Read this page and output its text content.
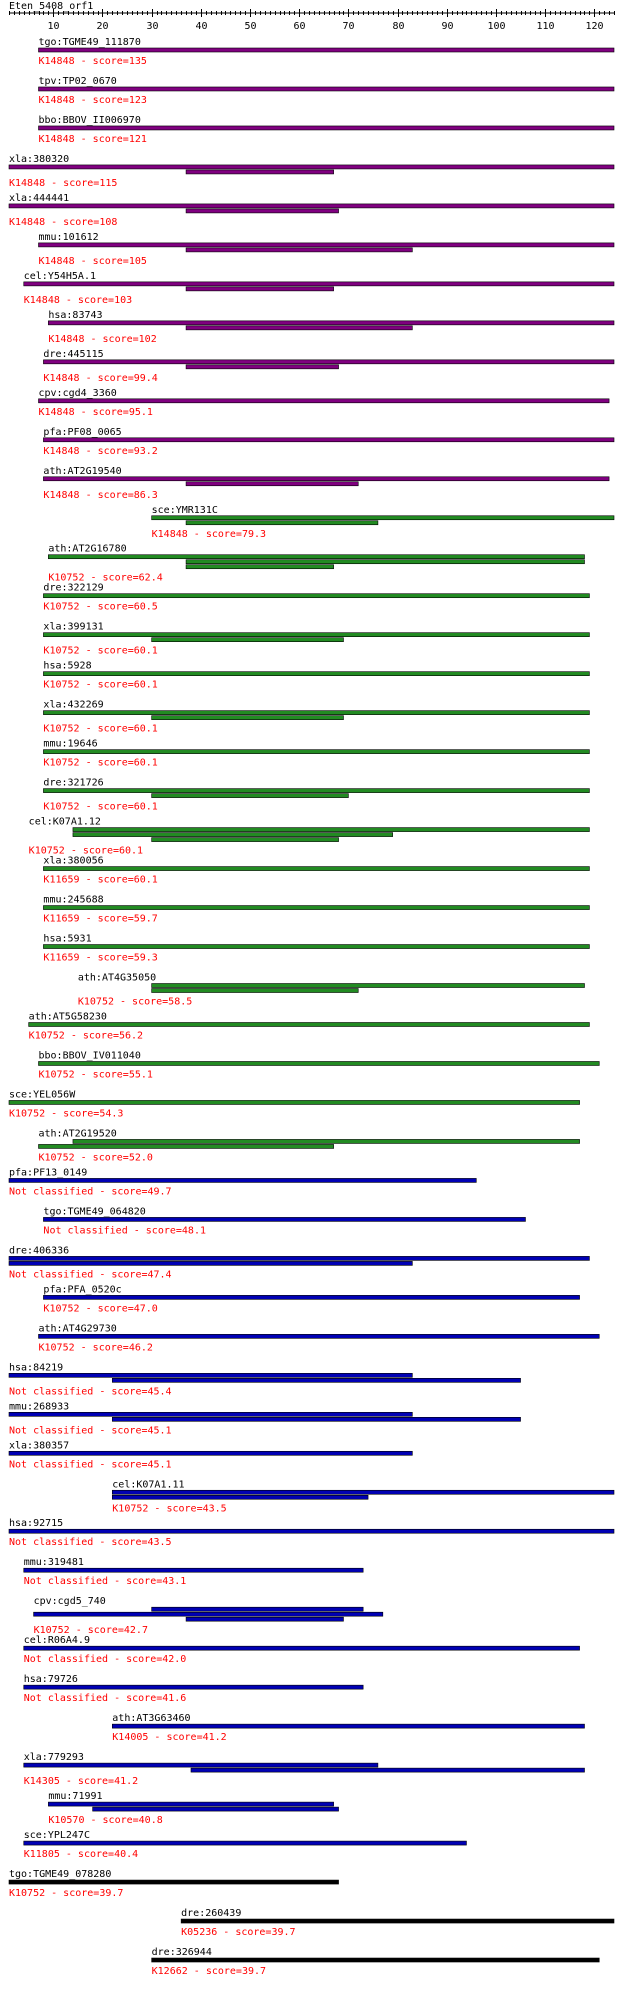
Eten_5408_orf1
10	20	30	40	50	60	70	80	90	100	110	120
tgo:TGME49_111870
K14848 - score=135
tpv:TP02_0670
K14848 - score=123
bbo:BBOV_II006970
K14848 - score=121
xla:380320
K14848 - score=115
xla:444441
K14848 - score=108
mmu:101612
K14848 - score=105
cel:Y54H5A.1
K14848 - score=103
hsa:83743
K14848 - score=102
dre:445115
K14848 - score=99.4
cpv:cgd4_3360
K14848 - score=95.1
pfa:PF08_0065
K14848 - score=93.2
ath:AT2G19540
K14848 - score=86.3
sce:YMR131C
K14848 - score=79.3
ath:AT2G16780
K10752 - score=62.4
dre:322129
K10752 - score=60.5
xla:399131
K10752 - score=60.1
hsa:5928
K10752 - score=60.1
xla:432269
K10752 - score=60.1
mmu:19646
K10752 - score=60.1
dre:321726
K10752 - score=60.1
cel:K07A1.12
K10752 - score=60.1
xla:380056
K11659 - score=60.1
mmu:245688
K11659 - score=59.7
hsa:5931
K11659 - score=59.3
ath:AT4G35050
K10752 - score=58.5
ath:AT5G58230
K10752 - score=56.2
bbo:BBOV_IV011040
K10752 - score=55.1
sce:YEL056W
K10752 - score=54.3
ath:AT2G19520
K10752 - score=52.0
pfa:PF13_0149
Not classified - score=49.7
tgo:TGME49_064820
Not classified - score=48.1
dre:406336
Not classified - score=47.4
pfa:PFA_0520c
K10752 - score=47.0
ath:AT4G29730
K10752 - score=46.2
hsa:84219
Not classified - score=45.4
mmu:268933
Not classified - score=45.1
xla:380357
Not classified - score=45.1
cel:K07A1.11
K10752 - score=43.5
hsa:92715
Not classified - score=43.5
mmu:319481
Not classified - score=43.1
cpv:cgd5_740
K10752 - score=42.7
cel:R06A4.9
Not classified - score=42.0
hsa:79726
Not classified - score=41.6
ath:AT3G63460
K14005 - score=41.2
xla:779293
K14305 - score=41.2
mmu:71991
K10570 - score=40.8
sce:YPL247C
K11805 - score=40.4
tgo:TGME49_078280
K10752 - score=39.7
dre:260439
K05236 - score=39.7
dre:326944
K12662 - score=39.7
